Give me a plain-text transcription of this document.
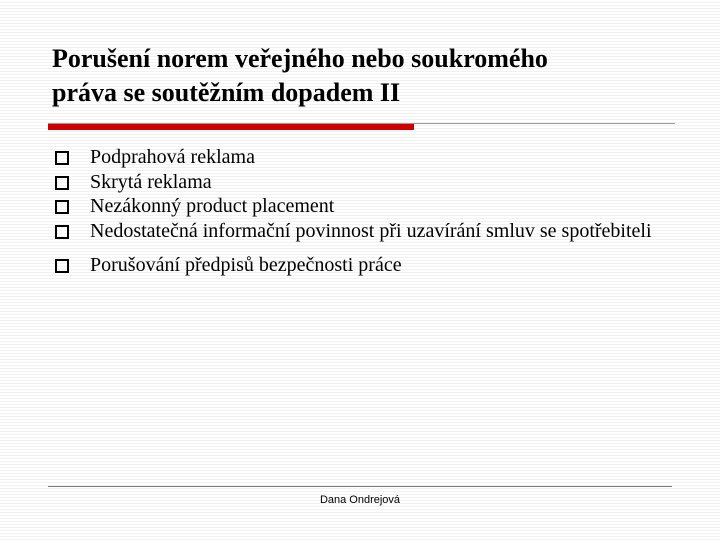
Porušení norem veřejného nebo soukromého
práva se soutěžním dopadem II
Podprahová reklama
Skrytá reklama
Nezákonný product placement
Nedostatečná informační povinnost při uzavírání smluv se spotřebiteli
Porušování předpisů bezpečnosti práce
Dana Ondrejová
